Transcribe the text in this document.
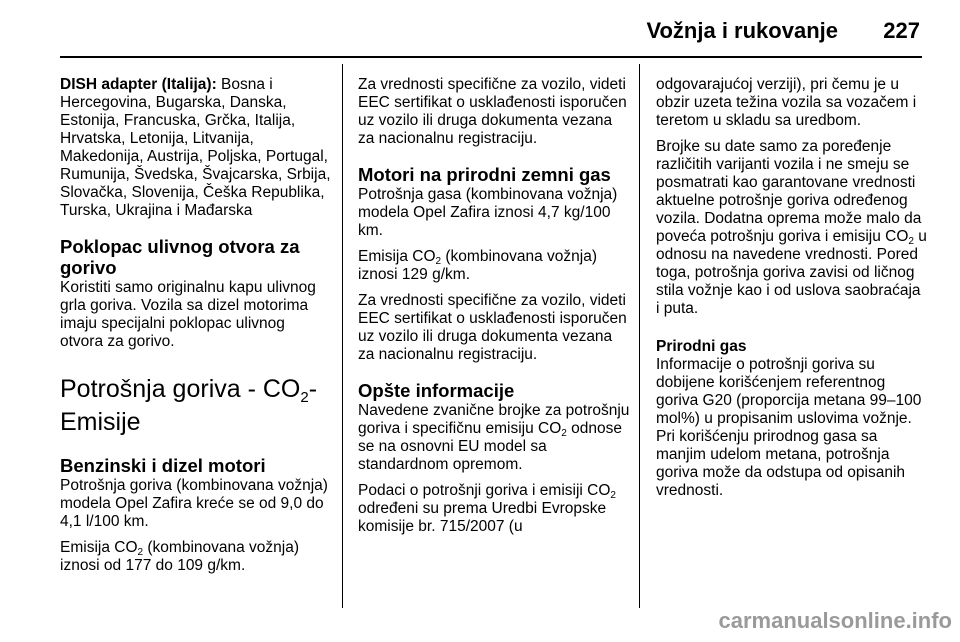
Vožnja i rukovanje	227

DISH adapter (Italija): Bosna i Hercegovina, Bugarska, Danska, Estonija, Francuska, Grčka, Italija, Hrvatska, Letonija, Litvanija, Makedonija, Austrija, Poljska, Portugal, Rumunija, Švedska, Švajcarska, Srbija, Slovačka, Slovenija, Češka Republika, Turska, Ukrajina i Mađarska

Poklopac ulivnog otvora za gorivo

Koristiti samo originalnu kapu ulivnog grla goriva. Vozila sa dizel motorima imaju specijalni poklopac ulivnog otvora za gorivo.

Potrošnja goriva - $CO_2$-Emisije
Benzinski i dizel motori

Potrošnja goriva (kombinovana vožnja) modela Opel Zafira kreće se od 9,0 do 4,1 l/100 km.

Emisija $CO_2$ (kombinovana vožnja) iznosi od 177 do 109 g/km.

Za vrednosti specifične za vozilo, videti EEC sertifikat o usklađenosti isporučen uz vozilo ili druga dokumenta vezana za nacionalnu registraciju.

Motori na prirodni zemni gas

Potrošnja gasa (kombinovana vožnja) modela Opel Zafira iznosi 4,7 kg/100 km.

Emisija $CO_2$ (kombinovana vožnja) iznosi 129 g/km.

Za vrednosti specifične za vozilo, videti EEC sertifikat o usklađenosti isporučen uz vozilo ili druga dokumenta vezana za nacionalnu registraciju.

Opšte informacije

Navedene zvanične brojke za potrošnju goriva i specifičnu emisiju $CO_2$ odnose se na osnovni EU model sa standardnom opremom.

Podaci o potrošnji goriva i emisiji $CO_2$ određeni su prema Uredbi Evropske komisije br. 715/2007 (u

odgovarajućoj verziji), pri čemu je u obzir uzeta težina vozila sa vozačem i teretom u skladu sa uredbom.

Brojke su date samo za poređenje različitih varijanti vozila i ne smeju se posmatrati kao garantovane vrednosti aktuelne potrošnje goriva određenog vozila. Dodatna oprema može malo da poveća potrošnju goriva i emisiju $CO_2$ u odnosu na navedene vrednosti. Pored toga, potrošnja goriva zavisi od ličnog stila vožnje kao i od uslova saobraćaja i puta.

Prirodni gas

Informacije o potrošnji goriva su dobijene korišćenjem referentnog goriva G20 (proporcija metana 99–100 mol%) u propisanim uslovima vožnje. Pri korišćenju prirodnog gasa sa manjim udelom metana, potrošnja goriva može da odstupa od opisanih vrednosti.

carmanualsonline.info
